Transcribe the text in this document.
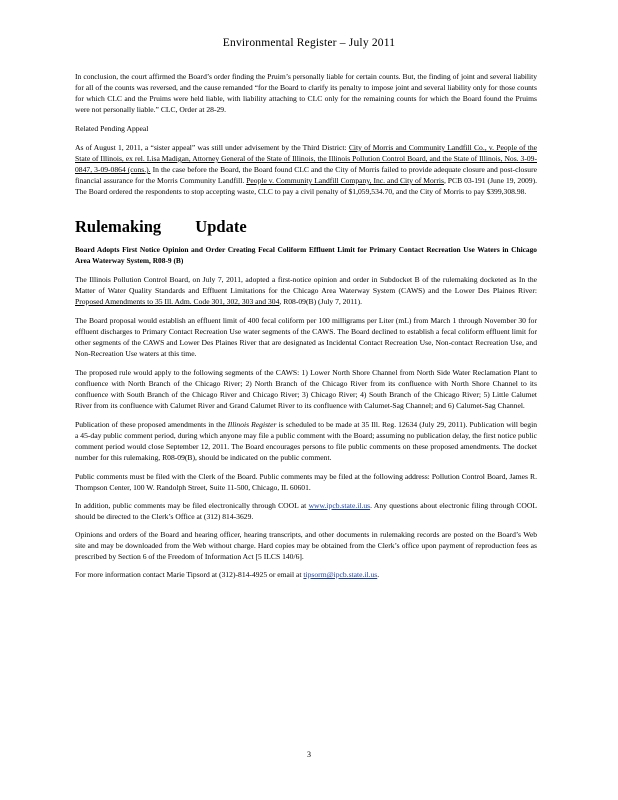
Environmental Register – July 2011

In conclusion, the court affirmed the Board’s order finding the Pruim’s personally liable for certain counts. But, the finding of joint and several liability for all of the counts was reversed, and the cause remanded “for the Board to clarify its penalty to impose joint and several liability only for those counts for which CLC and the Pruims were held liable, with liability attaching to CLC only for the remaining counts for which the Board found the Pruims were not personally liable.” CLC, Order at 28-29.

Related Pending Appeal

As of August 1, 2011, a “sister appeal” was still under advisement by the Third District: City of Morris and Community Landfill Co., v. People of the State of Illinois, ex rel. Lisa Madigan, Attorney General of the State of Illinois, the Illinois Pollution Control Board, and the State of Illinois, Nos. 3-09-0847, 3-09-0864 (cons.). In the case before the Board, the Board found CLC and the City of Morris failed to provide adequate closure and post-closure financial assurance for the Morris Community Landfill. People v. Community Landfill Company, Inc. and City of Morris, PCB 03-191 (June 19, 2009). The Board ordered the respondents to stop accepting waste, CLC to pay a civil penalty of $1,059,534.70, and the City of Morris to pay $399,308.98.

Rulemaking Update
Board Adopts First Notice Opinion and Order Creating Fecal Coliform Effluent Limit for Primary Contact Recreation Use Waters in Chicago Area Waterway System, R08-9 (B)

The Illinois Pollution Control Board, on July 7, 2011, adopted a first-notice opinion and order in Subdocket B of the rulemaking docketed as In the Matter of Water Quality Standards and Effluent Limitations for the Chicago Area Waterway System (CAWS) and the Lower Des Plaines River: Proposed Amendments to 35 Ill. Adm. Code 301, 302, 303 and 304, R08-09(B) (July 7, 2011).

The Board proposal would establish an effluent limit of 400 fecal coliform per 100 milligrams per Liter (mL) from March 1 through November 30 for effluent discharges to Primary Contact Recreation Use water segments of the CAWS. The Board declined to establish a fecal coliform effluent limit for other segments of the CAWS and Lower Des Plaines River that are designated as Incidental Contact Recreation Use, Non-contact Recreation Use, and Non-Recreation Use waters at this time.

The proposed rule would apply to the following segments of the CAWS: 1) Lower North Shore Channel from North Side Water Reclamation Plant to confluence with North Branch of the Chicago River; 2) North Branch of the Chicago River from its confluence with North Shore Channel to its confluence with South Branch of the Chicago River and Chicago River; 3) Chicago River; 4) South Branch of the Chicago River; 5) Little Calumet River from its confluence with Calumet River and Grand Calumet River to its confluence with Calumet-Sag Channel; and 6) Calumet-Sag Channel.

Publication of these proposed amendments in the Illinois Register is scheduled to be made at 35 Ill. Reg. 12634 (July 29, 2011). Publication will begin a 45-day public comment period, during which anyone may file a public comment with the Board; assuming no publication delay, the first notice public comment period would close September 12, 2011. The Board encourages persons to file public comments on these proposed amendments. The docket number for this rulemaking, R08-09(B), should be indicated on the public comment.

Public comments must be filed with the Clerk of the Board. Public comments may be filed at the following address: Pollution Control Board, James R. Thompson Center, 100 W. Randolph Street, Suite 11-500, Chicago, IL 60601.

In addition, public comments may be filed electronically through COOL at www.ipcb.state.il.us. Any questions about electronic filing through COOL should be directed to the Clerk’s Office at (312) 814-3629.

Opinions and orders of the Board and hearing officer, hearing transcripts, and other documents in rulemaking records are posted on the Board’s Web site and may be downloaded from the Web without charge. Hard copies may be obtained from the Clerk’s office upon payment of reproduction fees as prescribed by Section 6 of the Freedom of Information Act [5 ILCS 140/6].

For more information contact Marie Tipsord at (312)-814-4925 or email at tipsorm@ipcb.state.il.us.

3
